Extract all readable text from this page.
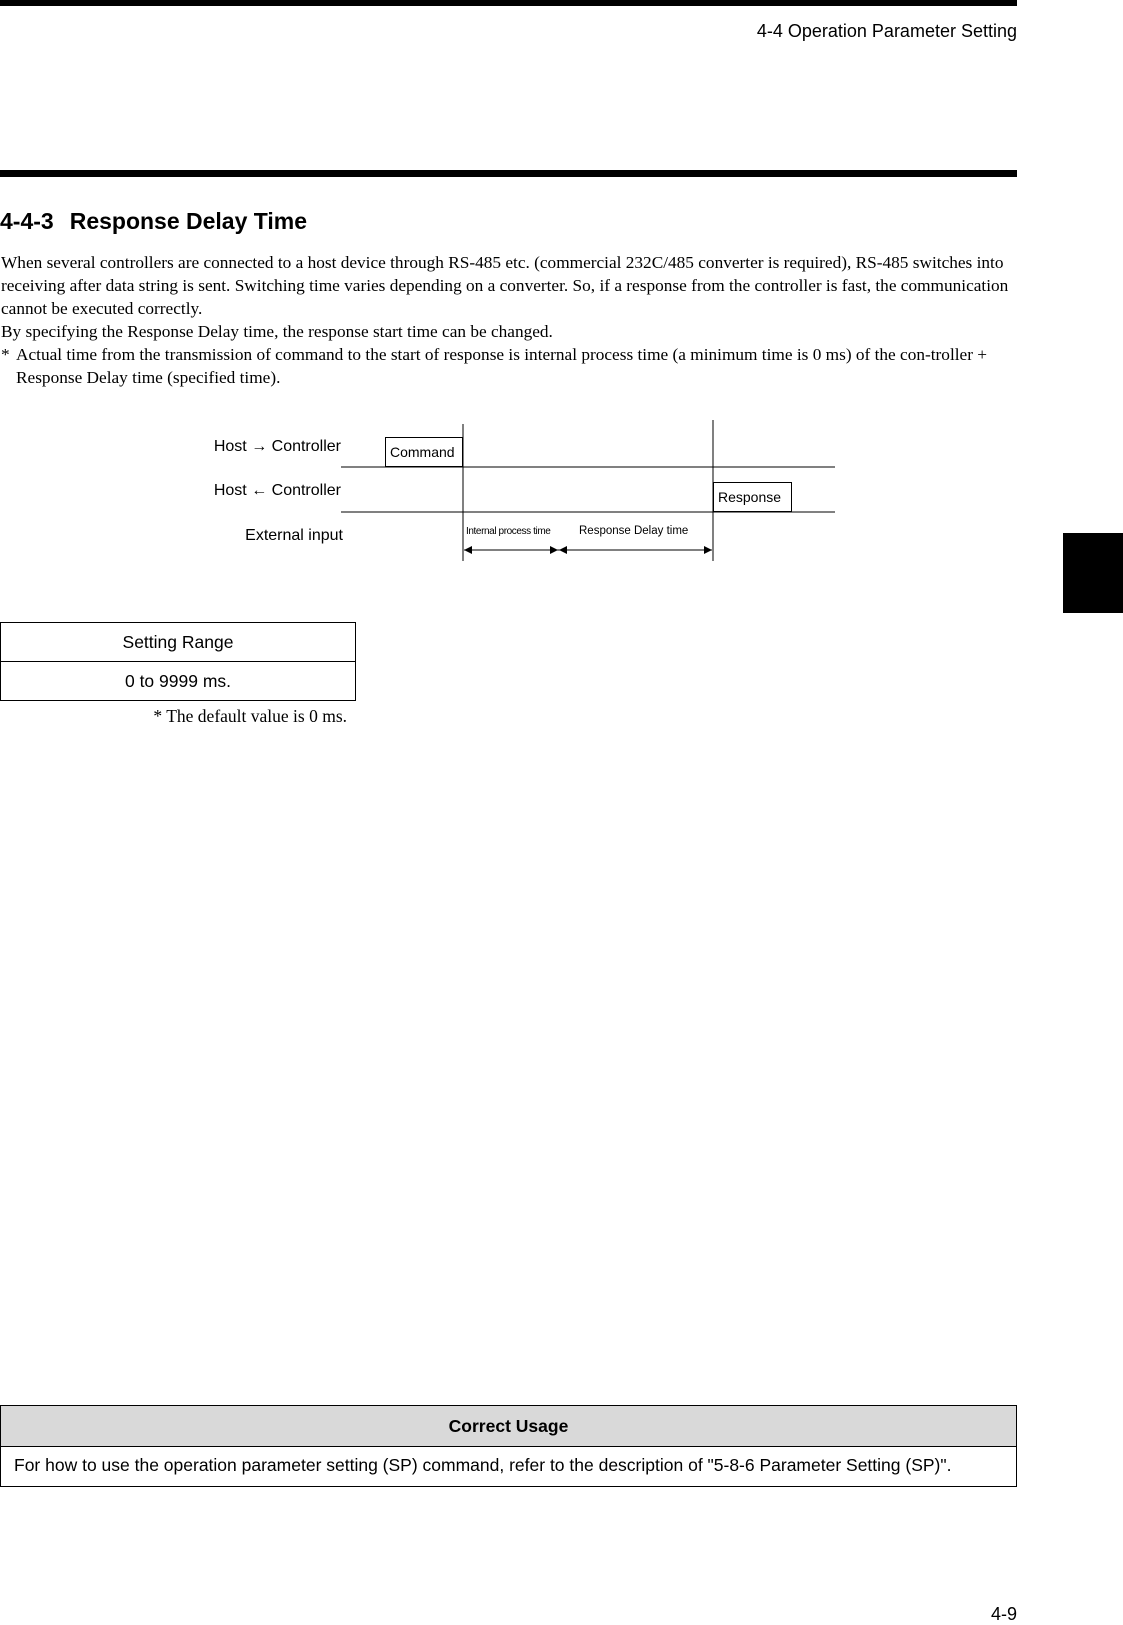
4-4 Operation Parameter Setting
4-4-3 Response Delay Time

When several controllers are connected to a host device through RS-485 etc. (commercial 232C/485 converter is required), RS-485 switches into receiving after data string is sent. Switching time varies depending on a converter. So, if a response from the controller is fast, the communication cannot be executed correctly.

By specifying the Response Delay time, the response start time can be changed.

* Actual time from the transmission of command to the start of response is internal process time (a minimum time is 0 ms) of the con-troller + Response Delay time (specified time).
Host → Controller
Host ← Controller
External input
Command
Response
Internal process time Response Delay time
Setting Range
0 to 9999 ms.
* The default value is 0 ms.
Correct Usage
For how to use the operation parameter setting (SP) command, refer to the description of "5-8-6 Parameter Setting (SP)".
4-9
